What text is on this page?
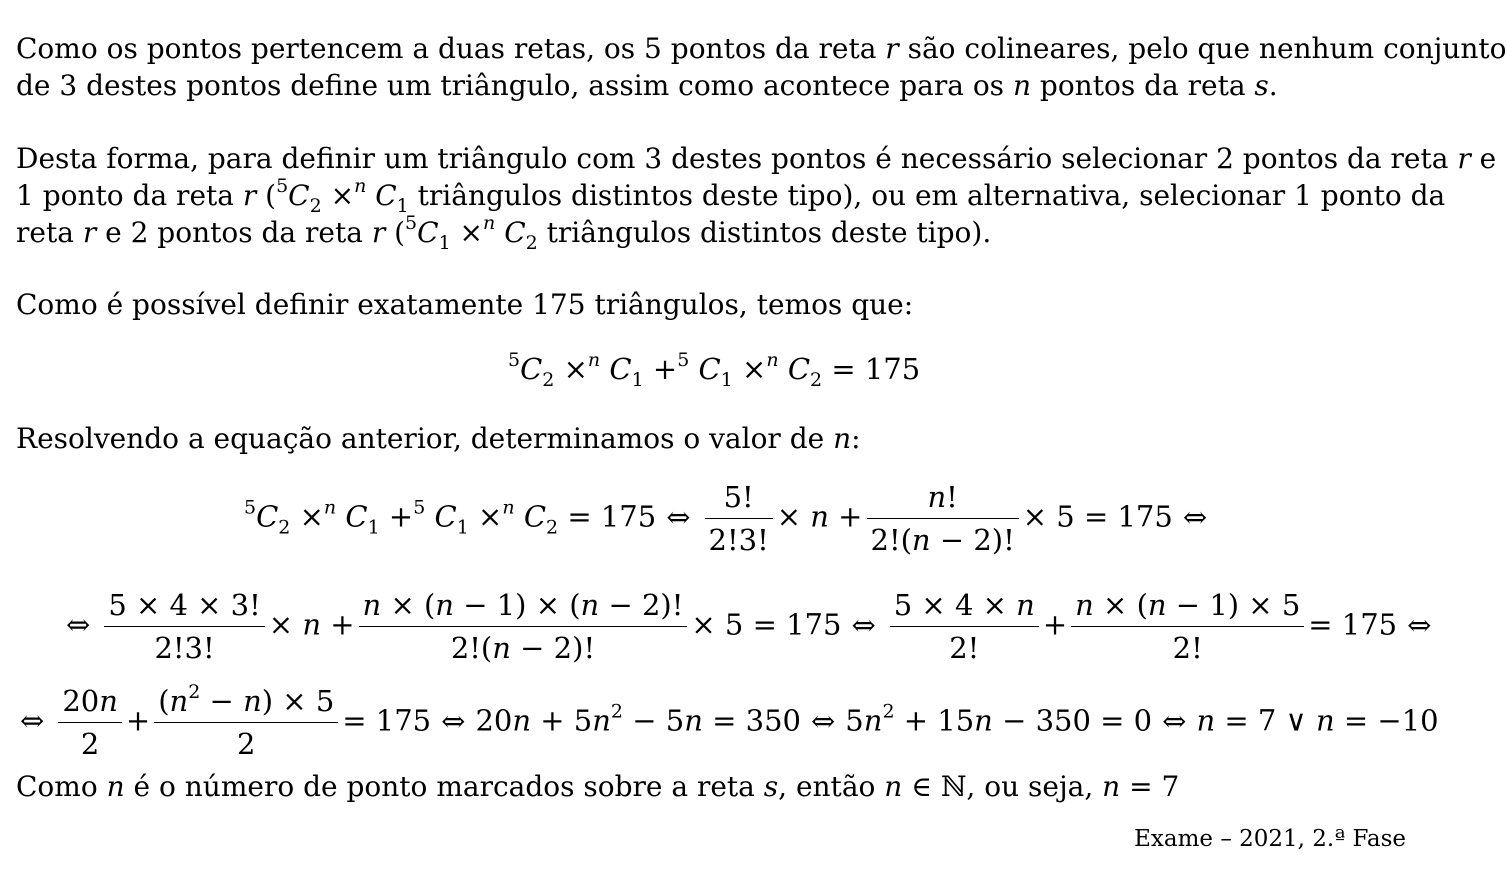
Como os pontos pertencem a duas retas, os 5 pontos da reta r são colineares, pelo que nenhum conjunto
de 3 destes pontos define um triângulo, assim como acontece para os n pontos da reta s.

Desta forma, para definir um triângulo com 3 destes pontos é necessário selecionar 2 pontos da reta r e
1 ponto da reta r ($^5C_2 \times^n$ $C_1$ triângulos distintos deste tipo), ou em alternativa, selecionar 1 ponto da
reta r e 2 pontos da reta r ($^5C_1 \times^n$ $C_2$ triângulos distintos deste tipo).

Como é possível definir exatamente 175 triângulos, temos que:

$^5C_2 \times^n$ $C_1 +^5$ $C_1 \times^n$ $C_2 = 175$

Resolvendo a equação anterior, determinamos o valor de n:

$^5C_2 \times^n$ $C_1 +^5$ $C_1 \times^n$ $C_2 = 175$ ⇔ $\frac{5!}{2!3!} \times n + \frac{n!}{2!(n - 2)!} \times 5 = 175$ ⇔
⇔ $\frac{5 \times 4 \times 3!}{2!3!} \times n + \frac{n \times (n - 1) \times (n - 2)!}{2!(n - 2)!} \times 5 = 175$ ⇔ $\frac{5 \times 4 \times n}{2!} + \frac{n \times (n - 1) \times 5}{2!} = 175$ ⇔
⇔ $\frac{20n}{2} + \frac{(n^2 - n) \times 5}{2} = 175$ ⇔ $20n + 5n^2 - 5n = 350$ ⇔ $5n^2 + 15n - 350 = 0$ ⇔ n = 7 ∨ n = −10

Como n é o número de ponto marcados sobre a reta s, então n ∈ ℕ, ou seja, n = 7

Exame – 2021, 2.ª Fase
